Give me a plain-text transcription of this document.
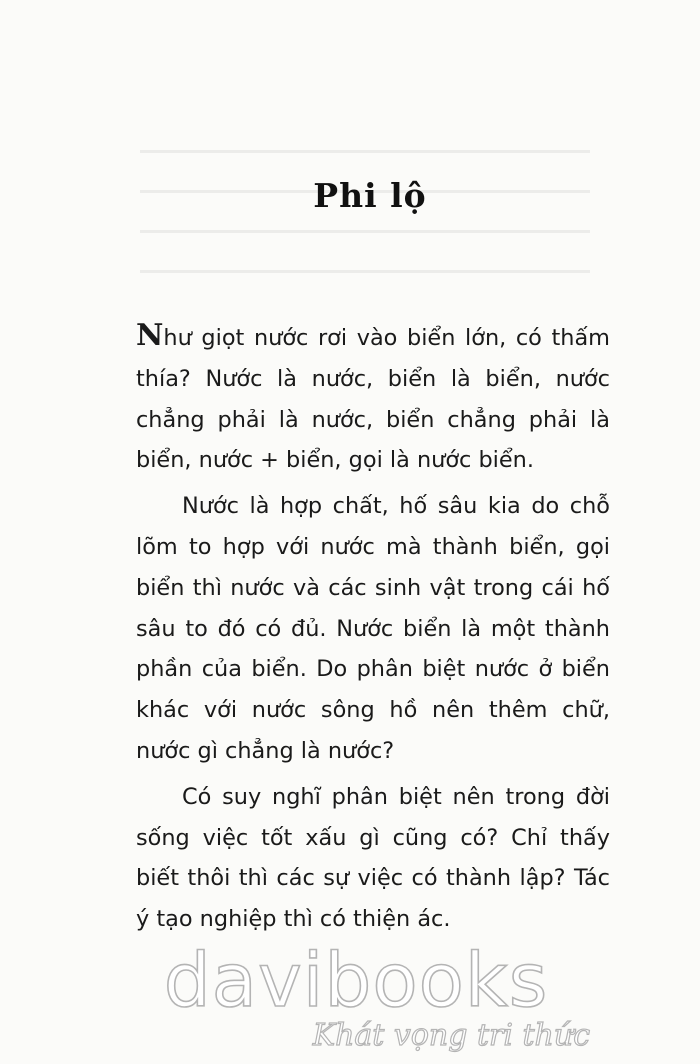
Phi lộ

Như giọt nước rơi vào biển lớn, có thấm thía? Nước là nước, biển là biển, nước chẳng phải là nước, biển chẳng phải là biển, nước + biển, gọi là nước biển.

Nước là hợp chất, hố sâu kia do chỗ lõm to hợp với nước mà thành biển, gọi biển thì nước và các sinh vật trong cái hố sâu to đó có đủ. Nước biển là một thành phần của biển. Do phân biệt nước ở biển khác với nước sông hồ nên thêm chữ, nước gì chẳng là nước?

Có suy nghĩ phân biệt nên trong đời sống việc tốt xấu gì cũng có? Chỉ thấy biết thôi thì các sự việc có thành lập? Tác ý tạo nghiệp thì có thiện ác.

davibooks
Khát vọng tri thức
